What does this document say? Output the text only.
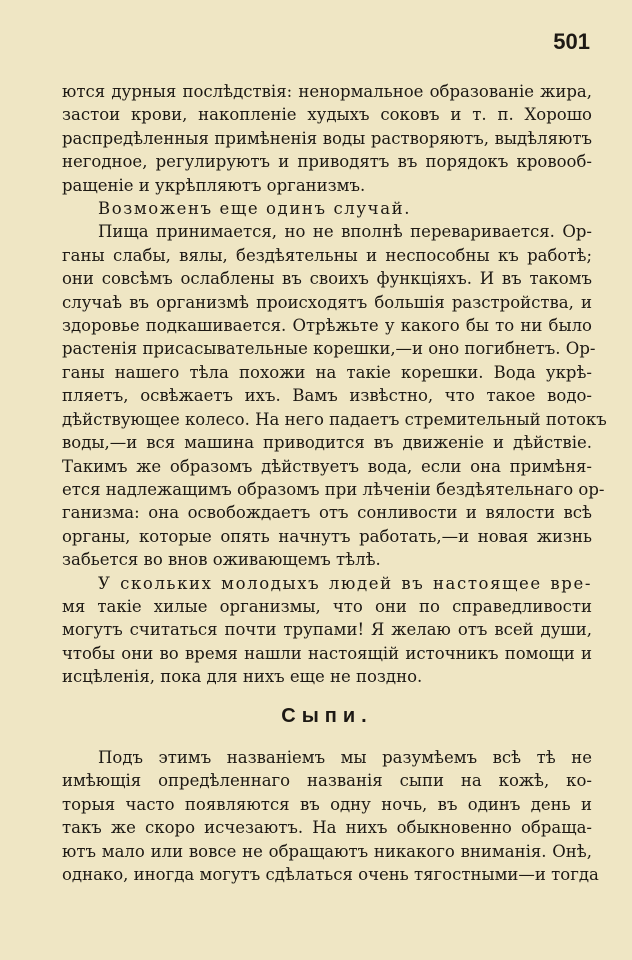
501
ются дурныя послѣдствія: ненормальное образованіе жира,
застои крови, накопленіе худыхъ соковъ и т. п. Хорошо
распредѣленныя примѣненія воды растворяютъ, выдѣляютъ
негодное, регулируютъ и приводятъ въ порядокъ кровооб-
ращеніе и укрѣпляютъ организмъ.
Возможенъ еще одинъ случай.
Пища принимается, но не вполнѣ переваривается. Ор-
ганы слабы, вялы, бездѣятельны и неспособны къ работѣ;
они совсѣмъ ослаблены въ своихъ функціяхъ. И въ такомъ
случаѣ въ организмѣ происходятъ большія разстройства, и
здоровье подкашивается. Отрѣжьте у какого бы то ни было
растенія присасывательные корешки,—и оно погибнетъ. Ор-
ганы нашего тѣла похожи на такіе корешки. Вода укрѣ-
пляетъ, освѣжаетъ ихъ. Вамъ извѣстно, что такое водо-
дѣйствующее колесо. На него падаетъ стремительный потокъ
воды,—и вся машина приводится въ движеніе и дѣйствіе.
Такимъ же образомъ дѣйствуетъ вода, если она примѣня-
ется надлежащимъ образомъ при лѣченіи бездѣятельнаго ор-
ганизма: она освобождаетъ отъ сонливости и вялости всѣ
органы, которые опять начнутъ работать,—и новая жизнь
забьется во внов оживающемъ тѣлѣ.
У скольких молодыхъ людей въ настоящее вре-
мя такіе хилые организмы, что они по справедливости
могутъ считаться почти трупами! Я желаю отъ всей души,
чтобы они во время нашли настоящій источникъ помощи и
исцѣленія, пока для нихъ еще не поздно.
Сыпи.
Подъ этимъ названіемъ мы разумѣемъ всѣ тѣ не
имѣющія опредѣленнаго названія сыпи на кожѣ, ко-
торыя часто появляются въ одну ночь, въ одинъ день и
такъ же скоро исчезаютъ. На нихъ обыкновенно обраща-
ютъ мало или вовсе не обращаютъ никакого вниманія. Онѣ,
однако, иногда могутъ сдѣлаться очень тягостными—и тогда
